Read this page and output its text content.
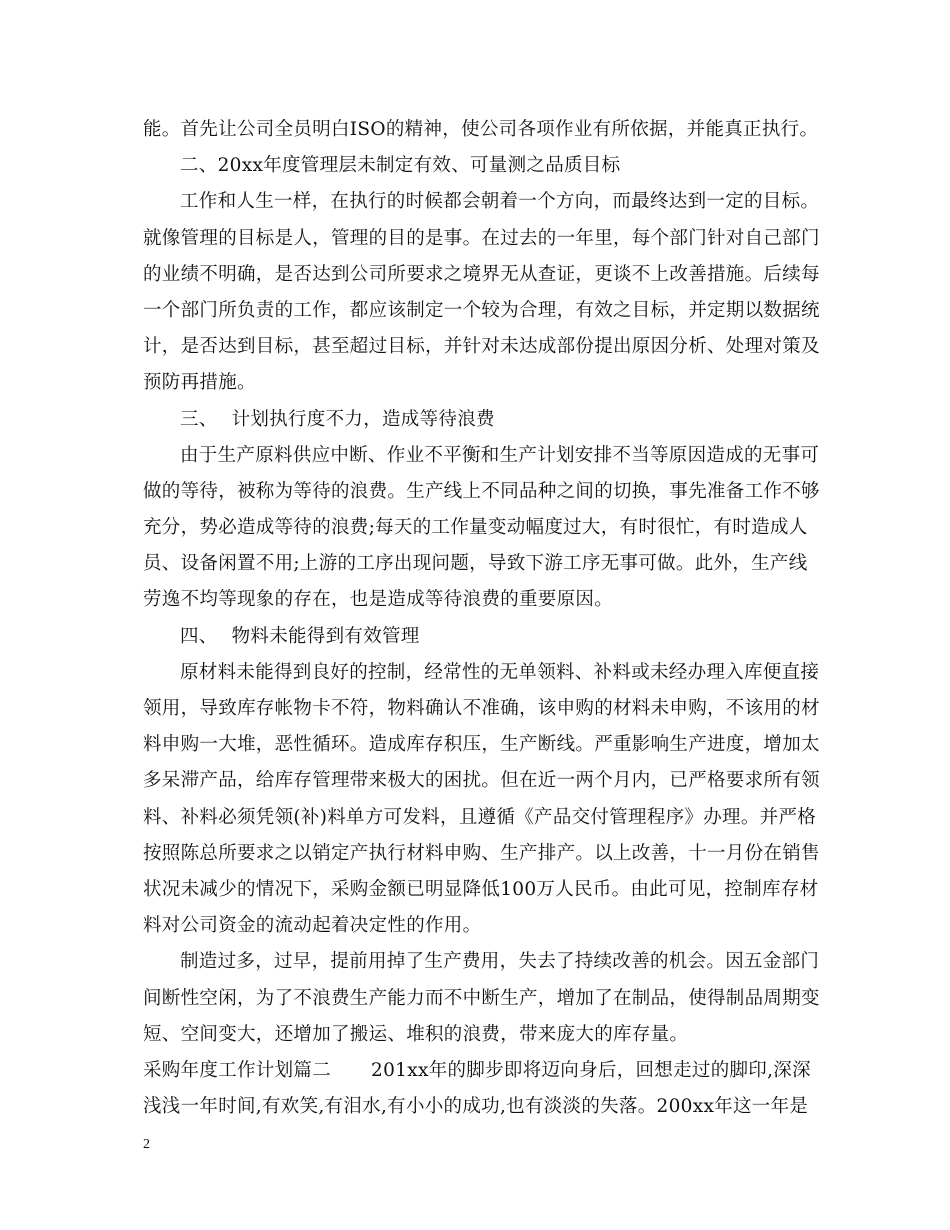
能。首先让公司全员明白ISO的精神，使公司各项作业有所依据，并能真正执行。
二、20xx年度管理层未制定有效、可量测之品质目标
工作和人生一样，在执行的时候都会朝着一个方向，而最终达到一定的目标。
就像管理的目标是人，管理的目的是事。在过去的一年里，每个部门针对自己部门
的业绩不明确，是否达到公司所要求之境界无从查证，更谈不上改善措施。后续每
一个部门所负责的工作，都应该制定一个较为合理，有效之目标，并定期以数据统
计，是否达到目标，甚至超过目标，并针对未达成部份提出原因分析、处理对策及
预防再措施。
三、 计划执行度不力，造成等待浪费
由于生产原料供应中断、作业不平衡和生产计划安排不当等原因造成的无事可
做的等待，被称为等待的浪费。生产线上不同品种之间的切换，事先准备工作不够
充分，势必造成等待的浪费;每天的工作量变动幅度过大，有时很忙，有时造成人
员、设备闲置不用;上游的工序出现问题，导致下游工序无事可做。此外，生产线
劳逸不均等现象的存在，也是造成等待浪费的重要原因。
四、 物料未能得到有效管理
原材料未能得到良好的控制，经常性的无单领料、补料或未经办理入库便直接
领用，导致库存帐物卡不符，物料确认不准确，该申购的材料未申购，不该用的材
料申购一大堆，恶性循环。造成库存积压，生产断线。严重影响生产进度，增加太
多呆滞产品，给库存管理带来极大的困扰。但在近一两个月内，已严格要求所有领
料、补料必须凭领(补)料单方可发料，且遵循《产品交付管理程序》办理。并严格
按照陈总所要求之以销定产执行材料申购、生产排产。以上改善，十一月份在销售
状况未减少的情况下，采购金额已明显降低100万人民币。由此可见，控制库存材
料对公司资金的流动起着决定性的作用。
制造过多，过早，提前用掉了生产费用，失去了持续改善的机会。因五金部门
间断性空闲，为了不浪费生产能力而不中断生产，增加了在制品，使得制品周期变
短、空间变大，还增加了搬运、堆积的浪费，带来庞大的库存量。
采购年度工作计划篇二 201xx年的脚步即将迈向身后，回想走过的脚印,深深
浅浅一年时间,有欢笑,有泪水,有小小的成功,也有淡淡的失落。200xx年这一年是
2
